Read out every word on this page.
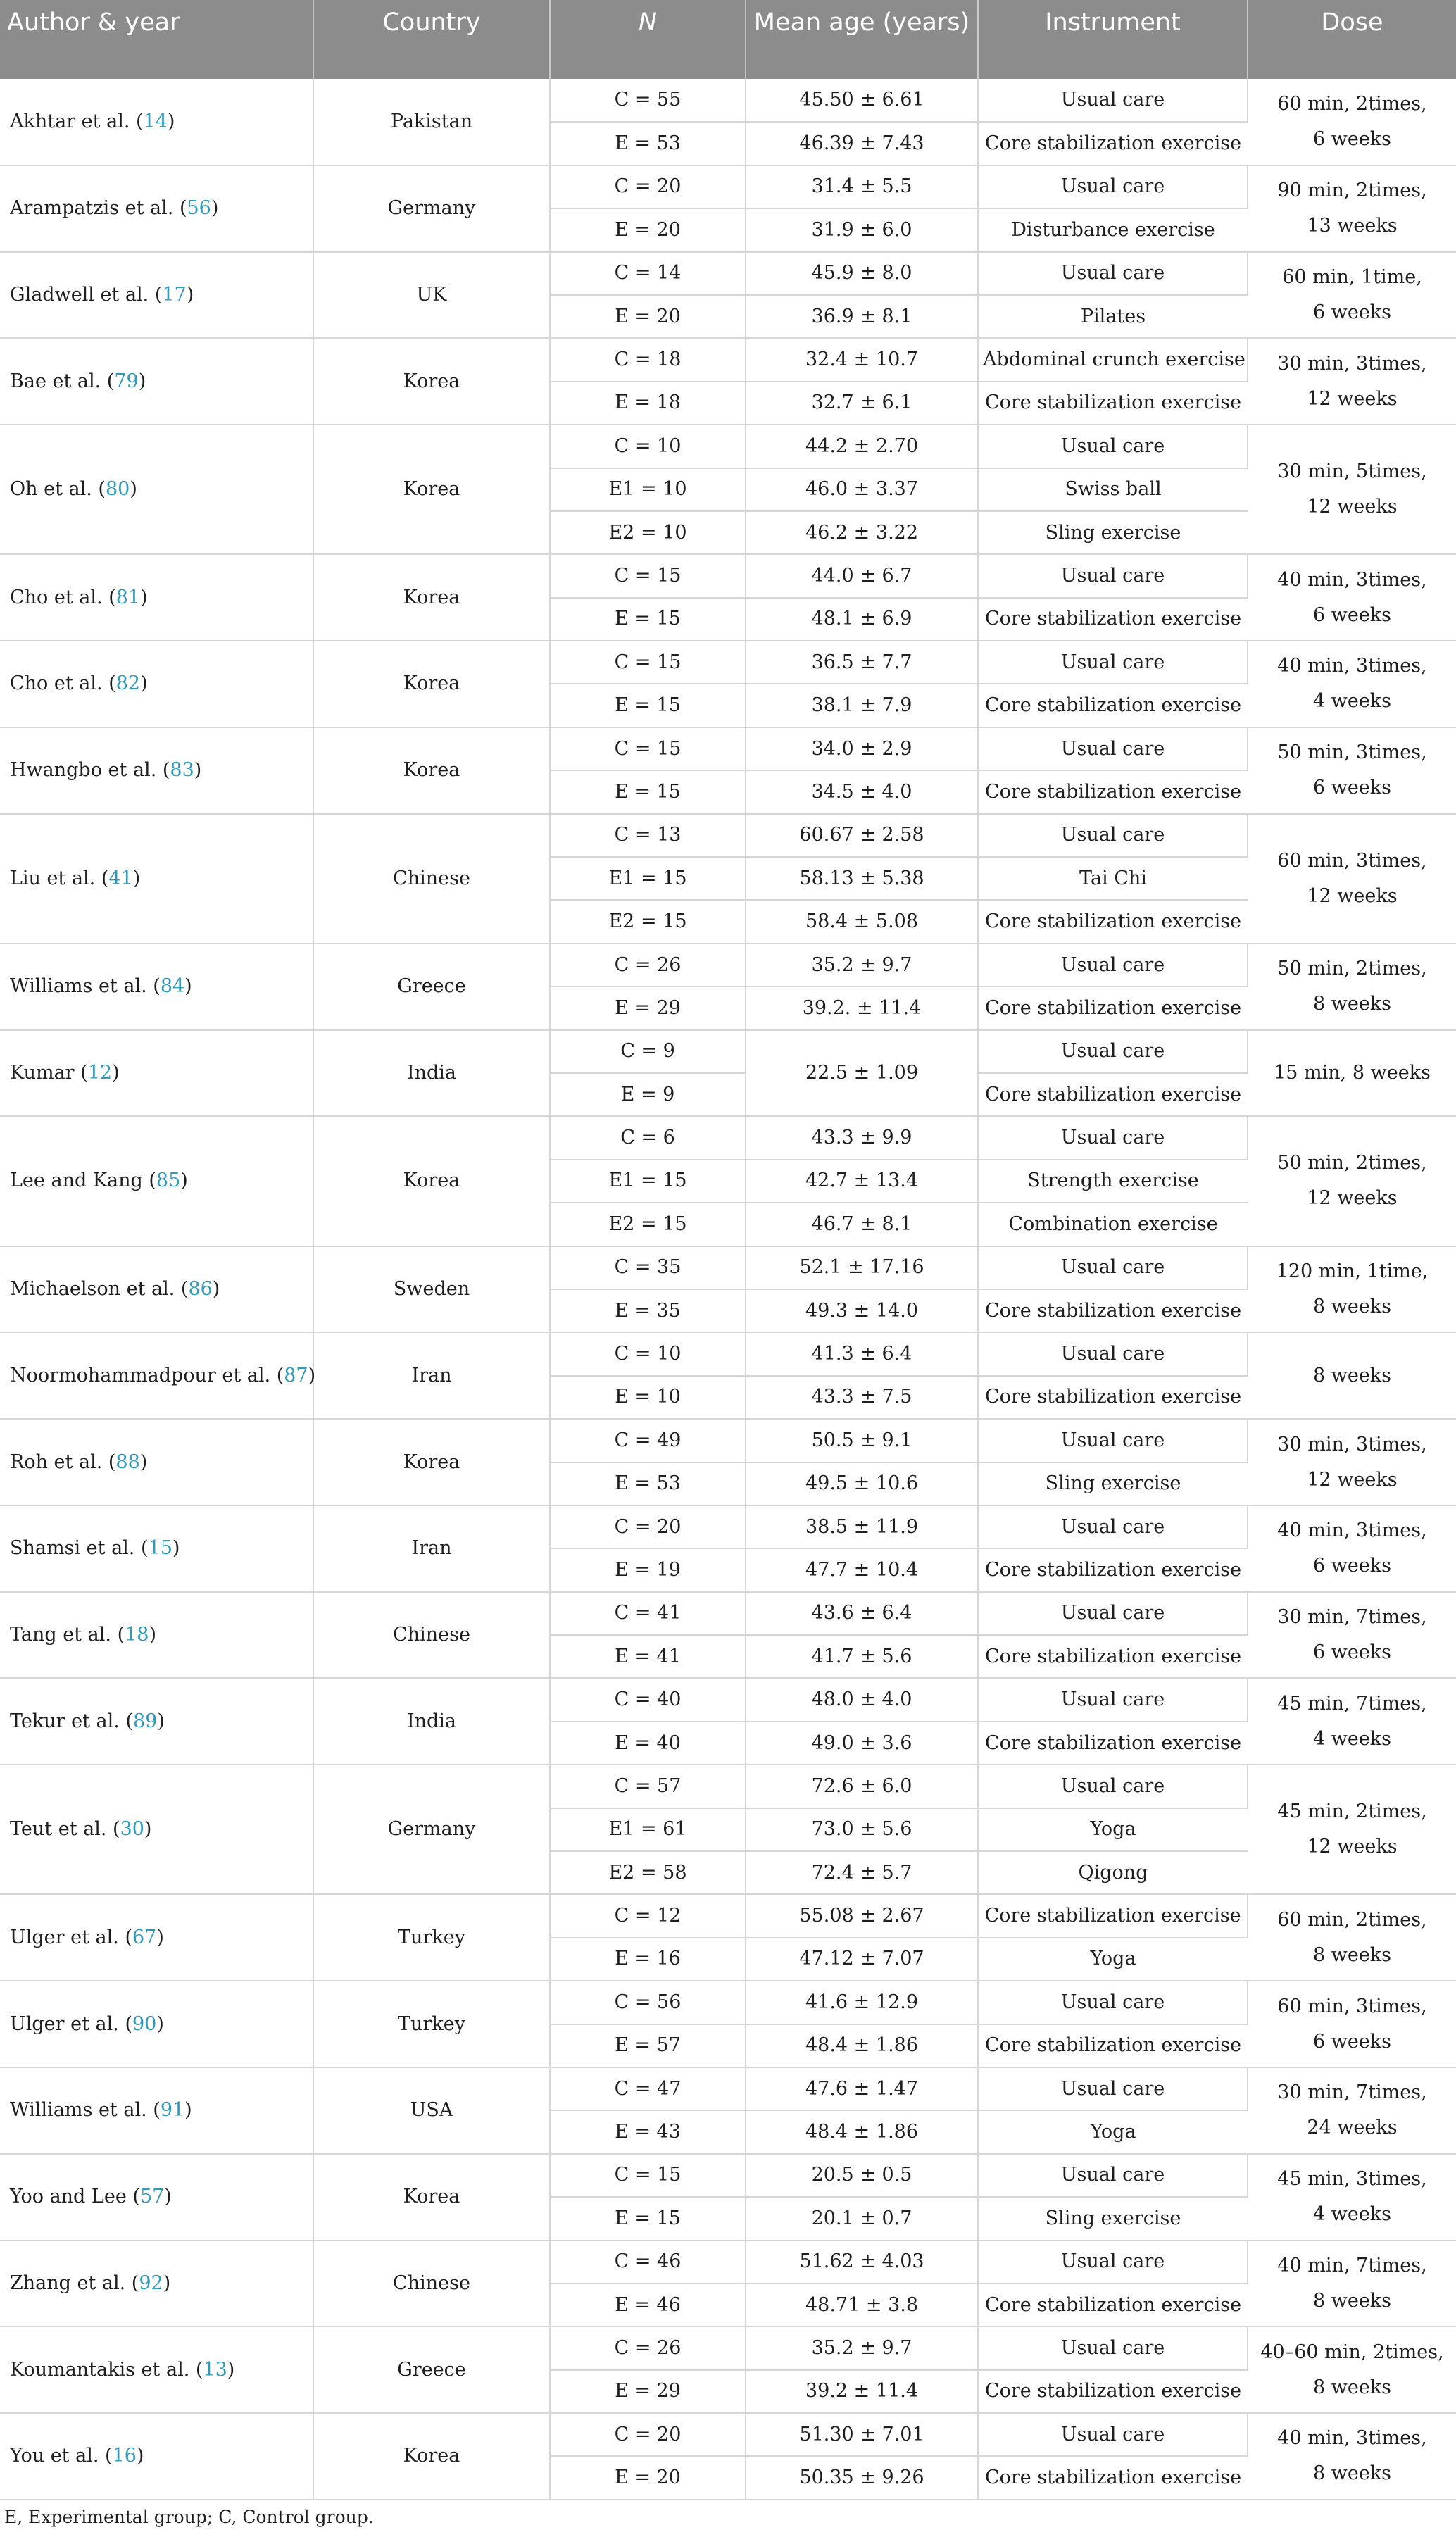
Author & year	Country	N	Mean age (years)	Instrument	Dose
Akhtar et al. (14)	Pakistan	C = 55	45.50 ± 6.61	Usual care	60 min, 2times,
6 weeks
		E = 53	46.39 ± 7.43	Core stabilization exercise	
Arampatzis et al. (56)	Germany	C = 20	31.4 ± 5.5	Usual care	90 min, 2times,
13 weeks
		E = 20	31.9 ± 6.0	Disturbance exercise	
Gladwell et al. (17)	UK	C = 14	45.9 ± 8.0	Usual care	60 min, 1time,
6 weeks
		E = 20	36.9 ± 8.1	Pilates	
Bae et al. (79)	Korea	C = 18	32.4 ± 10.7	Abdominal crunch exercise	30 min, 3times,
12 weeks
		E = 18	32.7 ± 6.1	Core stabilization exercise	
Oh et al. (80)	Korea	C = 10	44.2 ± 2.70	Usual care	30 min, 5times,
12 weeks
		E1 = 10	46.0 ± 3.37	Swiss ball	
		E2 = 10	46.2 ± 3.22	Sling exercise	
Cho et al. (81)	Korea	C = 15	44.0 ± 6.7	Usual care	40 min, 3times,
6 weeks
		E = 15	48.1 ± 6.9	Core stabilization exercise	
Cho et al. (82)	Korea	C = 15	36.5 ± 7.7	Usual care	40 min, 3times,
4 weeks
		E = 15	38.1 ± 7.9	Core stabilization exercise	
Hwangbo et al. (83)	Korea	C = 15	34.0 ± 2.9	Usual care	50 min, 3times,
6 weeks
		E = 15	34.5 ± 4.0	Core stabilization exercise	
Liu et al. (41)	Chinese	C = 13	60.67 ± 2.58	Usual care	60 min, 3times,
12 weeks
		E1 = 15	58.13 ± 5.38	Tai Chi	
		E2 = 15	58.4 ± 5.08	Core stabilization exercise	
Williams et al. (84)	Greece	C = 26	35.2 ± 9.7	Usual care	50 min, 2times,
8 weeks
		E = 29	39.2. ± 11.4	Core stabilization exercise	
Kumar (12)	India	C = 9	22.5 ± 1.09	Usual care	15 min, 8 weeks
		E = 9		Core stabilization exercise	
Lee and Kang (85)	Korea	C = 6	43.3 ± 9.9	Usual care	50 min, 2times,
12 weeks
		E1 = 15	42.7 ± 13.4	Strength exercise	
		E2 = 15	46.7 ± 8.1	Combination exercise	
Michaelson et al. (86)	Sweden	C = 35	52.1 ± 17.16	Usual care	120 min, 1time,
8 weeks
		E = 35	49.3 ± 14.0	Core stabilization exercise	
Noormohammadpour et al. (87)	Iran	C = 10	41.3 ± 6.4	Usual care	8 weeks
		E = 10	43.3 ± 7.5	Core stabilization exercise	
Roh et al. (88)	Korea	C = 49	50.5 ± 9.1	Usual care	30 min, 3times,
12 weeks
		E = 53	49.5 ± 10.6	Sling exercise	
Shamsi et al. (15)	Iran	C = 20	38.5 ± 11.9	Usual care	40 min, 3times,
6 weeks
		E = 19	47.7 ± 10.4	Core stabilization exercise	
Tang et al. (18)	Chinese	C = 41	43.6 ± 6.4	Usual care	30 min, 7times,
6 weeks
		E = 41	41.7 ± 5.6	Core stabilization exercise	
Tekur et al. (89)	India	C = 40	48.0 ± 4.0	Usual care	45 min, 7times,
4 weeks
		E = 40	49.0 ± 3.6	Core stabilization exercise	
Teut et al. (30)	Germany	C = 57	72.6 ± 6.0	Usual care	45 min, 2times,
12 weeks
		E1 = 61	73.0 ± 5.6	Yoga	
		E2 = 58	72.4 ± 5.7	Qigong	
Ulger et al. (67)	Turkey	C = 12	55.08 ± 2.67	Core stabilization exercise	60 min, 2times,
8 weeks
		E = 16	47.12 ± 7.07	Yoga	
Ulger et al. (90)	Turkey	C = 56	41.6 ± 12.9	Usual care	60 min, 3times,
6 weeks
		E = 57	48.4 ± 1.86	Core stabilization exercise	
Williams et al. (91)	USA	C = 47	47.6 ± 1.47	Usual care	30 min, 7times,
24 weeks
		E = 43	48.4 ± 1.86	Yoga	
Yoo and Lee (57)	Korea	C = 15	20.5 ± 0.5	Usual care	45 min, 3times,
4 weeks
		E = 15	20.1 ± 0.7	Sling exercise	
Zhang et al. (92)	Chinese	C = 46	51.62 ± 4.03	Usual care	40 min, 7times,
8 weeks
		E = 46	48.71 ± 3.8	Core stabilization exercise	
Koumantakis et al. (13)	Greece	C = 26	35.2 ± 9.7	Usual care	40–60 min, 2times,
8 weeks
		E = 29	39.2 ± 11.4	Core stabilization exercise	
You et al. (16)	Korea	C = 20	51.30 ± 7.01	Usual care	40 min, 3times,
8 weeks
		E = 20	50.35 ± 9.26	Core stabilization exercise	
E, Experimental group; C, Control group.
